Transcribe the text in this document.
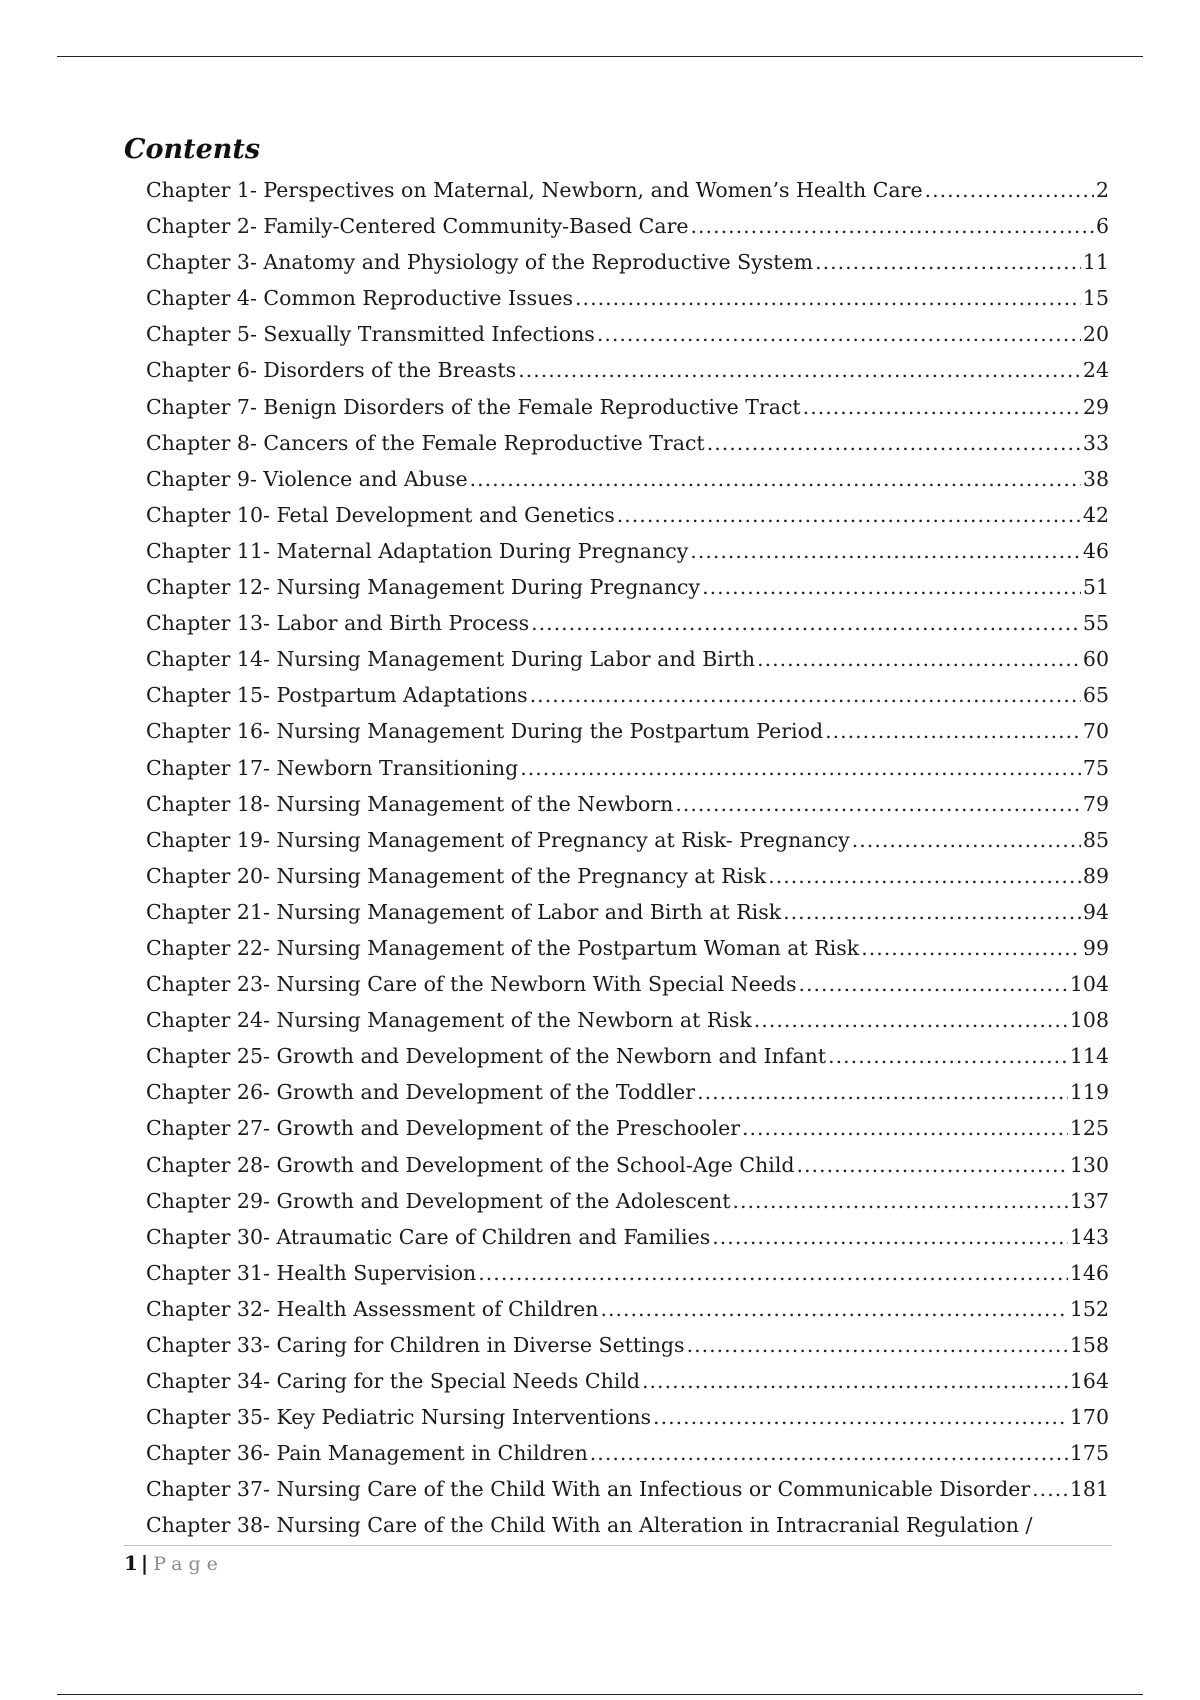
Contents
Chapter 1- Perspectives on Maternal, Newborn, and Women’s Health Care .....	2
Chapter 2- Family-Centered Community-Based Care .....	6
Chapter 3- Anatomy and Physiology of the Reproductive System .....	11
Chapter 4- Common Reproductive Issues .....	15
Chapter 5- Sexually Transmitted Infections .....	20
Chapter 6- Disorders of the Breasts .....	24
Chapter 7- Benign Disorders of the Female Reproductive Tract .....	29
Chapter 8- Cancers of the Female Reproductive Tract .....	33
Chapter 9- Violence and Abuse .....	38
Chapter 10- Fetal Development and Genetics .....	42
Chapter 11- Maternal Adaptation During Pregnancy .....	46
Chapter 12- Nursing Management During Pregnancy .....	51
Chapter 13- Labor and Birth Process .....	55
Chapter 14- Nursing Management During Labor and Birth .....	60
Chapter 15- Postpartum Adaptations .....	65
Chapter 16- Nursing Management During the Postpartum Period .....	70
Chapter 17- Newborn Transitioning .....	75
Chapter 18- Nursing Management of the Newborn .....	79
Chapter 19- Nursing Management of Pregnancy at Risk- Pregnancy .....	85
Chapter 20- Nursing Management of the Pregnancy at Risk .....	89
Chapter 21- Nursing Management of Labor and Birth at Risk .....	94
Chapter 22- Nursing Management of the Postpartum Woman at Risk .....	99
Chapter 23- Nursing Care of the Newborn With Special Needs .....	104
Chapter 24- Nursing Management of the Newborn at Risk .....	108
Chapter 25- Growth and Development of the Newborn and Infant .....	114
Chapter 26- Growth and Development of the Toddler .....	119
Chapter 27- Growth and Development of the Preschooler .....	125
Chapter 28- Growth and Development of the School-Age Child .....	130
Chapter 29- Growth and Development of the Adolescent .....	137
Chapter 30- Atraumatic Care of Children and Families .....	143
Chapter 31- Health Supervision .....	146
Chapter 32- Health Assessment of Children .....	152
Chapter 33- Caring for Children in Diverse Settings .....	158
Chapter 34- Caring for the Special Needs Child .....	164
Chapter 35- Key Pediatric Nursing Interventions .....	170
Chapter 36- Pain Management in Children .....	175
Chapter 37- Nursing Care of the Child With an Infectious or Communicable Disorder ..... 181
Chapter 38- Nursing Care of the Child With an Alteration in Intracranial Regulation /
1 | Page
